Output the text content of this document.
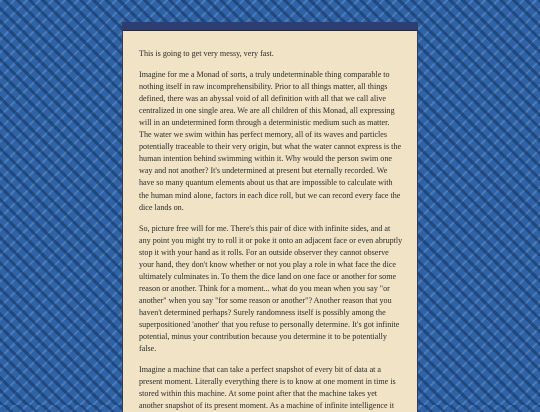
This is going to get very messy, very fast.

Imagine for me a Monad of sorts, a truly undeterminable thing comparable to nothing itself in raw incomprehensibility. Prior to all things matter, all things defined, there was an abyssal void of all definition with all that we call alive centralized in one single area. We are all children of this Monad, all expressing will in an undetermined form through a deterministic medium such as matter. The water we swim within has perfect memory, all of its waves and particles potentially traceable to their very origin, but what the water cannot express is the human intention behind swimming within it. Why would the person swim one way and not another? It's undetermined at present but eternally recorded. We have so many quantum elements about us that are impossible to calculate with the human mind alone, factors in each dice roll, but we can record every face the dice lands on.

So, picture free will for me. There's this pair of dice with infinite sides, and at any point you might try to roll it or poke it onto an adjacent face or even abruptly stop it with your hand as it rolls. For an outside observer they cannot observe your hand, they don't know whether or not you play a role in what face the dice ultimately culminates in. To them the dice land on one face or another for some reason or another. Think for a moment... what do you mean when you say "or another" when you say "for some reason or another"? Another reason that you haven't determined perhaps? Surely randomness itself is possibly among the superpositioned 'another' that you refuse to personally determine. It's got infinite potential, minus your contribution because you determine it to be potentially false.

Imagine a machine that can take a perfect snapshot of every bit of data at a present moment. Literally everything there is to know at one moment in time is stored within this machine. At some point after that the machine takes yet another snapshot of its present moment. As a machine of infinite intelligence it
